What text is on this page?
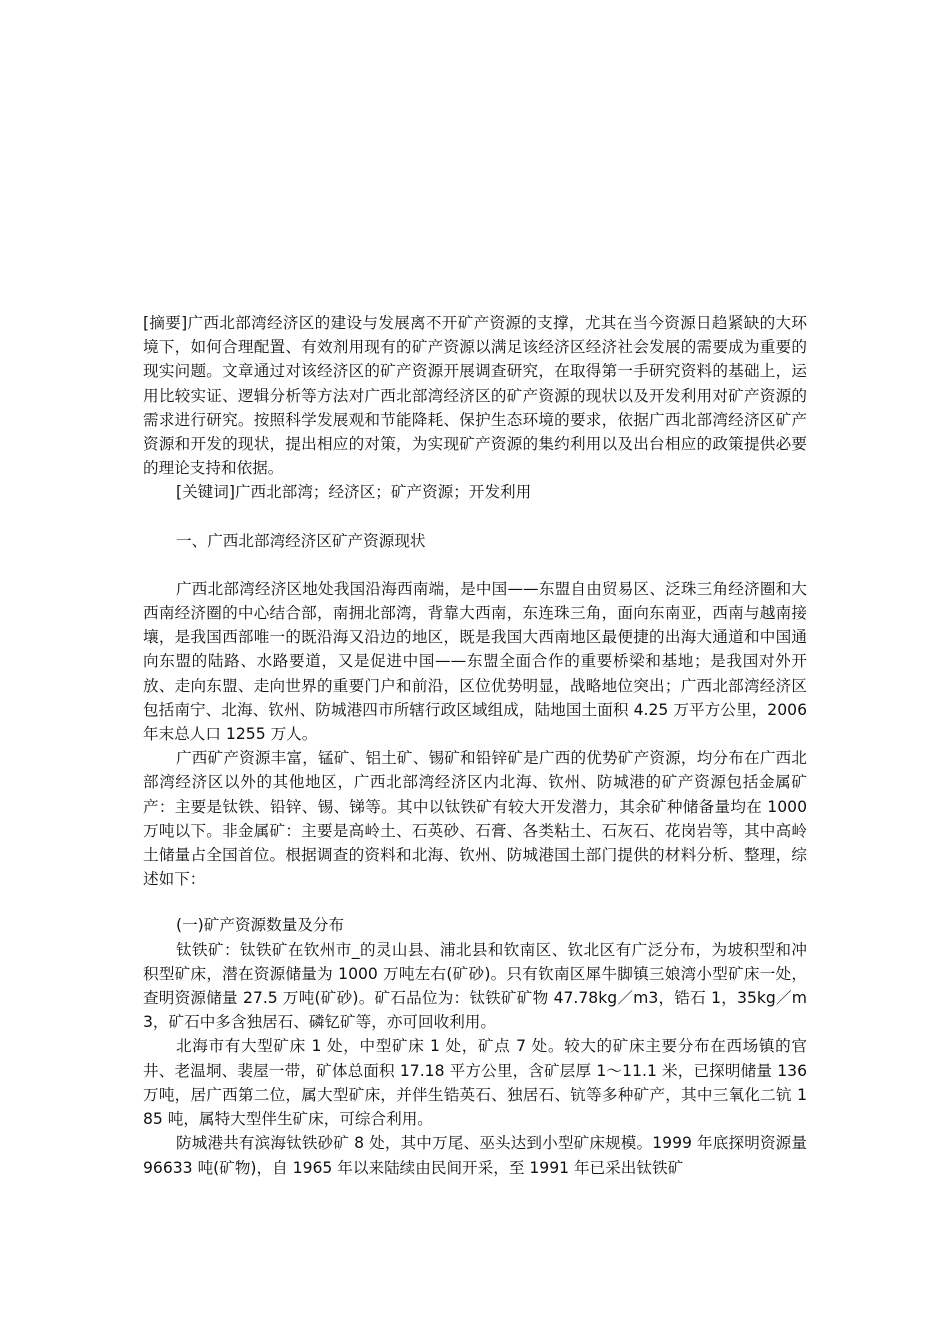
[摘要]广西北部湾经济区的建设与发展离不开矿产资源的支撑，尤其在当今资源日趋紧缺的大环境下，如何合理配置、有效剂用现有的矿产资源以满足该经济区经济社会发展的需要成为重要的现实问题。文章通过对该经济区的矿产资源开展调查研究，在取得第一手研究资料的基础上，运用比较实证、逻辑分析等方法对广西北部湾经济区的矿产资源的现状以及开发利用对矿产资源的需求进行研究。按照科学发展观和节能降耗、保护生态环境的要求，依据广西北部湾经济区矿产资源和开发的现状，提出相应的对策，为实现矿产资源的集约利用以及出台相应的政策提供必要的理论支持和依据。

[关键词]广西北部湾；经济区；矿产资源；开发利用

一、广西北部湾经济区矿产资源现状

广西北部湾经济区地处我国沿海西南端，是中国——东盟自由贸易区、泛珠三角经济圈和大西南经济圈的中心结合部，南拥北部湾，背靠大西南，东连珠三角，面向东南亚，西南与越南接壤，是我国西部唯一的既沿海又沿边的地区，既是我国大西南地区最便捷的出海大通道和中国通向东盟的陆路、水路要道，又是促进中国——东盟全面合作的重要桥梁和基地；是我国对外开放、走向东盟、走向世界的重要门户和前沿，区位优势明显，战略地位突出；广西北部湾经济区包括南宁、北海、钦州、防城港四市所辖行政区域组成，陆地国土面积 4.25 万平方公里，2006 年末总人口 1255 万人。

广西矿产资源丰富，锰矿、铝土矿、锡矿和铅锌矿是广西的优势矿产资源，均分布在广西北部湾经济区以外的其他地区，广西北部湾经济区内北海、钦州、防城港的矿产资源包括金属矿产：主要是钛铁、铅锌、锡、锑等。其中以钛铁矿有较大开发潜力，其余矿种储备量均在 1000 万吨以下。非金属矿：主要是高岭土、石英砂、石膏、各类粘土、石灰石、花岗岩等，其中高岭土储量占全国首位。根据调查的资料和北海、钦州、防城港国土部门提供的材料分析、整理，综述如下：

(一)矿产资源数量及分布

钛铁矿：钛铁矿在钦州市_的灵山县、浦北县和钦南区、钦北区有广泛分布，为坡积型和冲积型矿床，潜在资源储量为 1000 万吨左右(矿砂)。只有钦南区犀牛脚镇三娘湾小型矿床一处，查明资源储量 27.5 万吨(矿砂)。矿石品位为：钛铁矿矿物 47.78kg／m3，锆石 1，35kg／m3，矿石中多含独居石、磷钇矿等，亦可回收利用。

北海市有大型矿床 1 处，中型矿床 1 处，矿点 7 处。较大的矿床主要分布在西场镇的官井、老温垌、裴屋一带，矿体总面积 17.18 平方公里，含矿层厚 1～11.1 米，已探明储量 136 万吨，居广西第二位，属大型矿床，并伴生锆英石、独居石、钪等多种矿产，其中三氧化二钪 185 吨，属特大型伴生矿床，可综合利用。

防城港共有滨海钛铁砂矿 8 处，其中万尾、巫头达到小型矿床规模。1999 年底探明资源量 96633 吨(矿物)，自 1965 年以来陆续由民间开采，至 1991 年已采出钛铁矿
